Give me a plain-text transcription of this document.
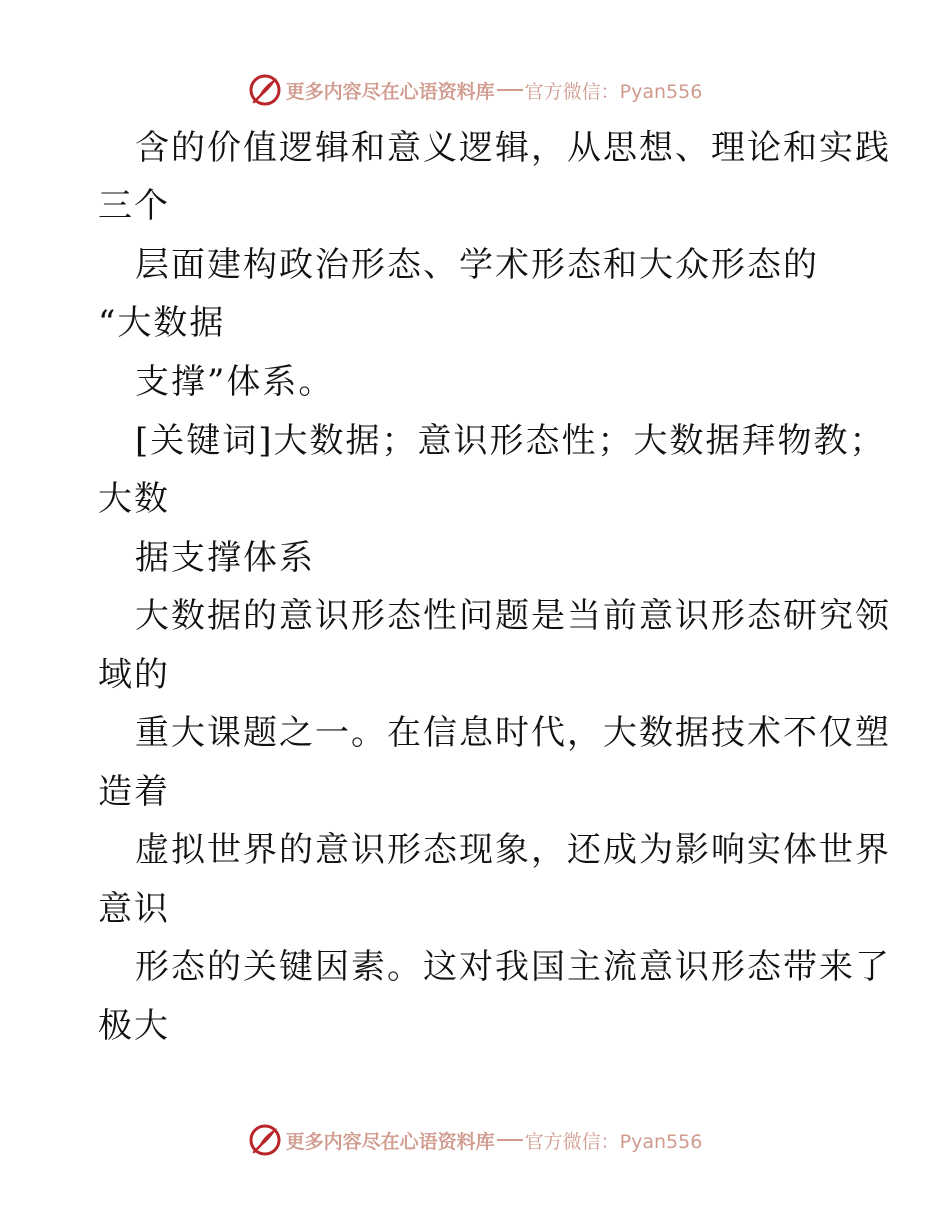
更多内容尽在心语资料库 官方微信：Pyan556
含的价值逻辑和意义逻辑，从思想、理论和实践
三个
层面建构政治形态、学术形态和大众形态的
“大数据
支撑”体系。
[关键词]大数据；意识形态性；大数据拜物教；
大数
据支撑体系
大数据的意识形态性问题是当前意识形态研究领
域的
重大课题之一。在信息时代，大数据技术不仅塑
造着
虚拟世界的意识形态现象，还成为影响实体世界
意识
形态的关键因素。这对我国主流意识形态带来了
极大
更多内容尽在心语资料库 官方微信：Pyan556
